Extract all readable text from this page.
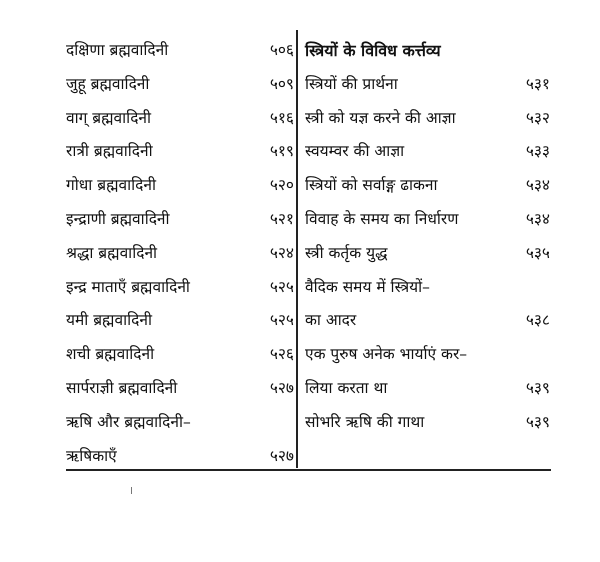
दक्षिणा ब्रह्मवादिनी	५०६
जुहू ब्रह्मवादिनी	५०९
वाग् ब्रह्मवादिनी	५१६
रात्री ब्रह्मवादिनी	५१९
गोधा ब्रह्मवादिनी	५२०
इन्द्राणी ब्रह्मवादिनी	५२१
श्रद्धा ब्रह्मवादिनी	५२४
इन्द्र माताएँ ब्रह्मवादिनी	५२५
यमी ब्रह्मवादिनी	५२५
शची ब्रह्मवादिनी	५२६
सार्पराज्ञी ब्रह्मवादिनी	५२७
ऋषि और ब्रह्मवादिनी–
ऋषिकाएँ	५२७
स्त्रियों के विविध कर्त्तव्य
स्त्रियों की प्रार्थना	५३१
स्त्री को यज्ञ करने की आज्ञा	५३२
स्वयम्वर की आज्ञा	५३३
स्त्रियों को सर्वाङ्ग ढाकना	५३४
विवाह के समय का निर्धारण	५३४
स्त्री कर्तृक युद्ध	५३५
वैदिक समय में स्त्रियों–
का आदर	५३८
एक पुरुष अनेक भार्याएं कर–
लिया करता था	५३९
सोभरि ऋषि की गाथा	५३९
